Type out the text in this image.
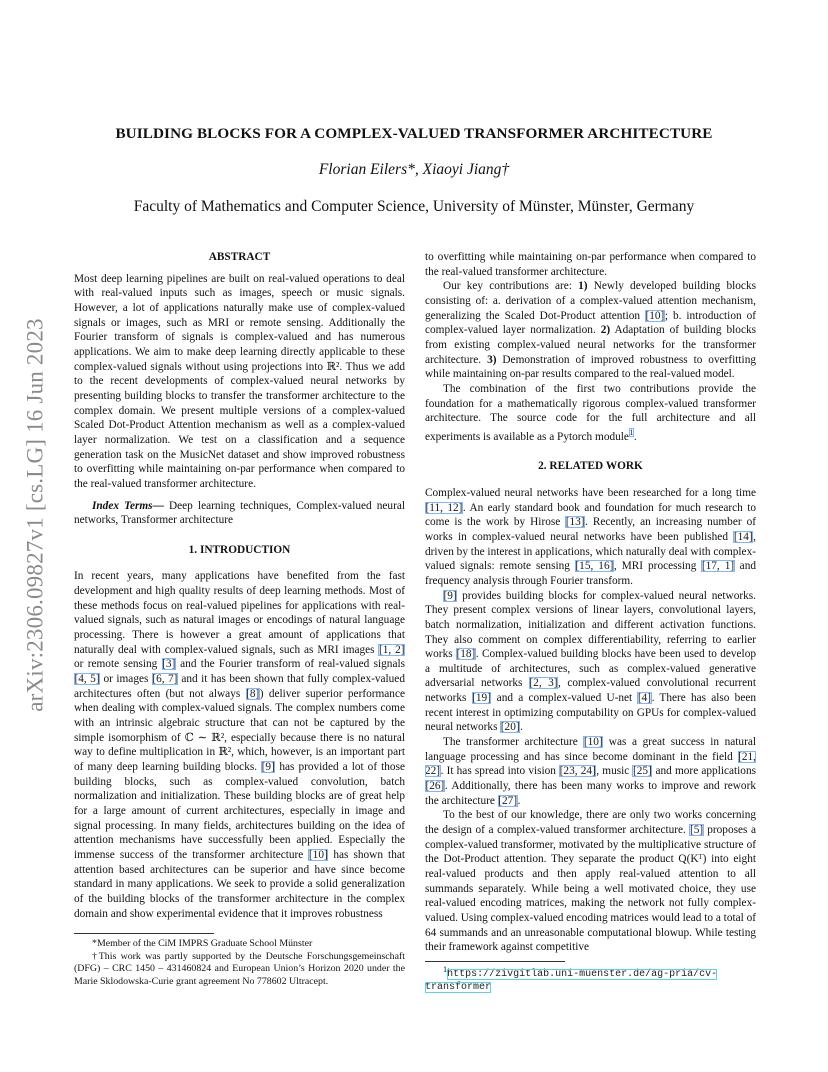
arXiv:2306.09827v1 [cs.LG] 16 Jun 2023
BUILDING BLOCKS FOR A COMPLEX-VALUED TRANSFORMER ARCHITECTURE
Florian Eilers*, Xiaoyi Jiang†
Faculty of Mathematics and Computer Science, University of Münster, Münster, Germany

ABSTRACT

Most deep learning pipelines are built on real-valued operations to deal with real-valued inputs such as images, speech or music signals. However, a lot of applications naturally make use of complex-valued signals or images, such as MRI or remote sensing. Additionally the Fourier transform of signals is complex-valued and has numerous applications. We aim to make deep learning directly applicable to these complex-valued signals without using projections into ℝ². Thus we add to the recent developments of complex-valued neural networks by presenting building blocks to transfer the transformer architecture to the complex domain. We present multiple versions of a complex-valued Scaled Dot-Product Attention mechanism as well as a complex-valued layer normalization. We test on a classification and a sequence generation task on the MusicNet dataset and show improved robustness to overfitting while maintaining on-par performance when compared to the real-valued transformer architecture.

Index Terms— Deep learning techniques, Complex-valued neural networks, Transformer architecture

1. INTRODUCTION

In recent years, many applications have benefited from the fast development and high quality results of deep learning methods. Most of these methods focus on real-valued pipelines for applications with real-valued signals, such as natural images or encodings of natural language processing. There is however a great amount of applications that naturally deal with complex-valued signals, such as MRI images [1, 2] or remote sensing [3] and the Fourier transform of real-valued signals [4, 5] or images [6, 7] and it has been shown that fully complex-valued architectures often (but not always [8]) deliver superior performance when dealing with complex-valued signals. The complex numbers come with an intrinsic algebraic structure that can not be captured by the simple isomorphism of ℂ ∼ ℝ², especially because there is no natural way to define multiplication in ℝ², which, however, is an important part of many deep learning building blocks. [9] has provided a lot of those building blocks, such as complex-valued convolution, batch normalization and initialization. These building blocks are of great help for a large amount of current architectures, especially in image and signal processing. In many fields, architectures building on the idea of attention mechanisms have successfully been applied. Especially the immense success of the transformer architecture [10] has shown that attention based architectures can be superior and have since become standard in many applications. We seek to provide a solid generalization of the building blocks of the transformer architecture in the complex domain and show experimental evidence that it improves robustness

*Member of the CiM IMPRS Graduate School Münster

†This work was partly supported by the Deutsche Forschungsgemeinschaft (DFG) – CRC 1450 – 431460824 and European Union’s Horizon 2020 under the Marie Sklodowska-Curie grant agreement No 778602 Ultracept.

to overfitting while maintaining on-par performance when compared to the real-valued transformer architecture.

Our key contributions are: 1) Newly developed building blocks consisting of: a. derivation of a complex-valued attention mechanism, generalizing the Scaled Dot-Product attention [10]; b. introduction of complex-valued layer normalization. 2) Adaptation of building blocks from existing complex-valued neural networks for the transformer architecture. 3) Demonstration of improved robustness to overfitting while maintaining on-par results compared to the real-valued model.

The combination of the first two contributions provide the foundation for a mathematically rigorous complex-valued transformer architecture. The source code for the full architecture and all experiments is available as a Pytorch module$^1$.

2. RELATED WORK

Complex-valued neural networks have been researched for a long time [11, 12]. An early standard book and foundation for much research to come is the work by Hirose [13]. Recently, an increasing number of works in complex-valued neural networks have been published [14], driven by the interest in applications, which naturally deal with complex-valued signals: remote sensing [15, 16], MRI processing [17, 1] and frequency analysis through Fourier transform.

[9] provides building blocks for complex-valued neural networks. They present complex versions of linear layers, convolutional layers, batch normalization, initialization and different activation functions. They also comment on complex differentiability, referring to earlier works [18]. Complex-valued building blocks have been used to develop a multitude of architectures, such as complex-valued generative adversarial networks [2, 3], complex-valued convolutional recurrent networks [19] and a complex-valued U-net [4]. There has also been recent interest in optimizing computability on GPUs for complex-valued neural networks [20].

The transformer architecture [10] was a great success in natural language processing and has since become dominant in the field [21, 22]. It has spread into vision [23, 24], music [25] and more applications [26]. Additionally, there has been many works to improve and rework the architecture [27].

To the best of our knowledge, there are only two works concerning the design of a complex-valued transformer architecture. [5] proposes a complex-valued transformer, motivated by the multiplicative structure of the Dot-Product attention. They separate the product Q(Kᵀ) into eight real-valued products and then apply real-valued attention to all summands separately. While being a well motivated choice, they use real-valued encoding matrices, making the network not fully complex-valued. Using complex-valued encoding matrices would lead to a total of 64 summands and an unreasonable computational blowup. While testing their framework against competitive

$^1$https://zivgitlab.uni-muenster.de/ag-pria/cv-transformer
